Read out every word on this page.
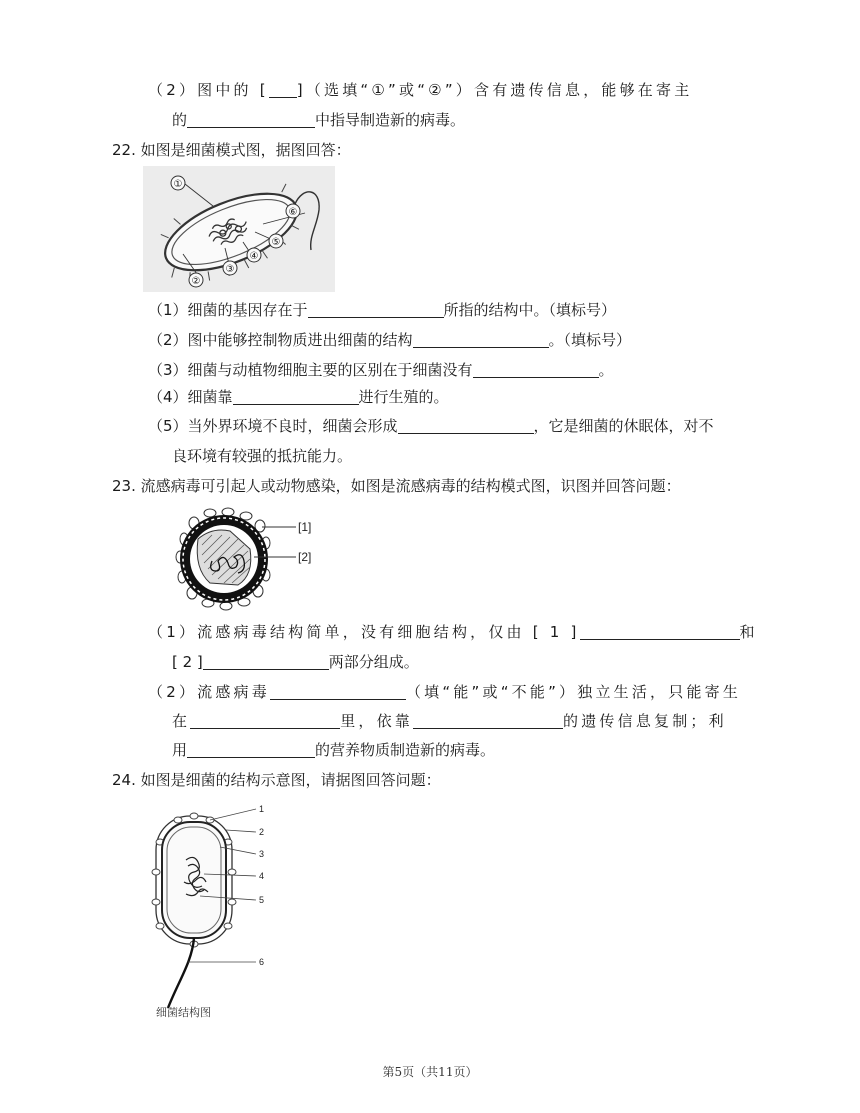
（2）图中的 [ ]（选填“①”或“②”）含有遗传信息，能够在寄主
的	中指导制造新的病毒。
22. 如图是细菌模式图，据图回答：
①
②
③
④
⑤
⑥
（1）细菌的基因存在于	所指的结构中。（填标号）
（2）图中能够控制物质进出细菌的结构	。（填标号）
（3）细菌与动植物细胞主要的区别在于细菌没有	。
（4）细菌靠	进行生殖的。
（5）当外界环境不良时，细菌会形成	，它是细菌的休眠体，对不
良环境有较强的抵抗能力。
23. 流感病毒可引起人或动物感染，如图是流感病毒的结构模式图，识图并回答问题：
[1]
[2]
（1）流感病毒结构简单，没有细胞结构，仅由 [ 1 ]	和
[ 2 ]	两部分组成。
（2）流感病毒	（填“能”或“不能”）独立生活，只能寄生
在	里，依靠	的遗传信息复制；利
用	的营养物质制造新的病毒。
24. 如图是细菌的结构示意图，请据图回答问题：
1
2
3
4
5
6
细菌结构图
第5页（共11页）
